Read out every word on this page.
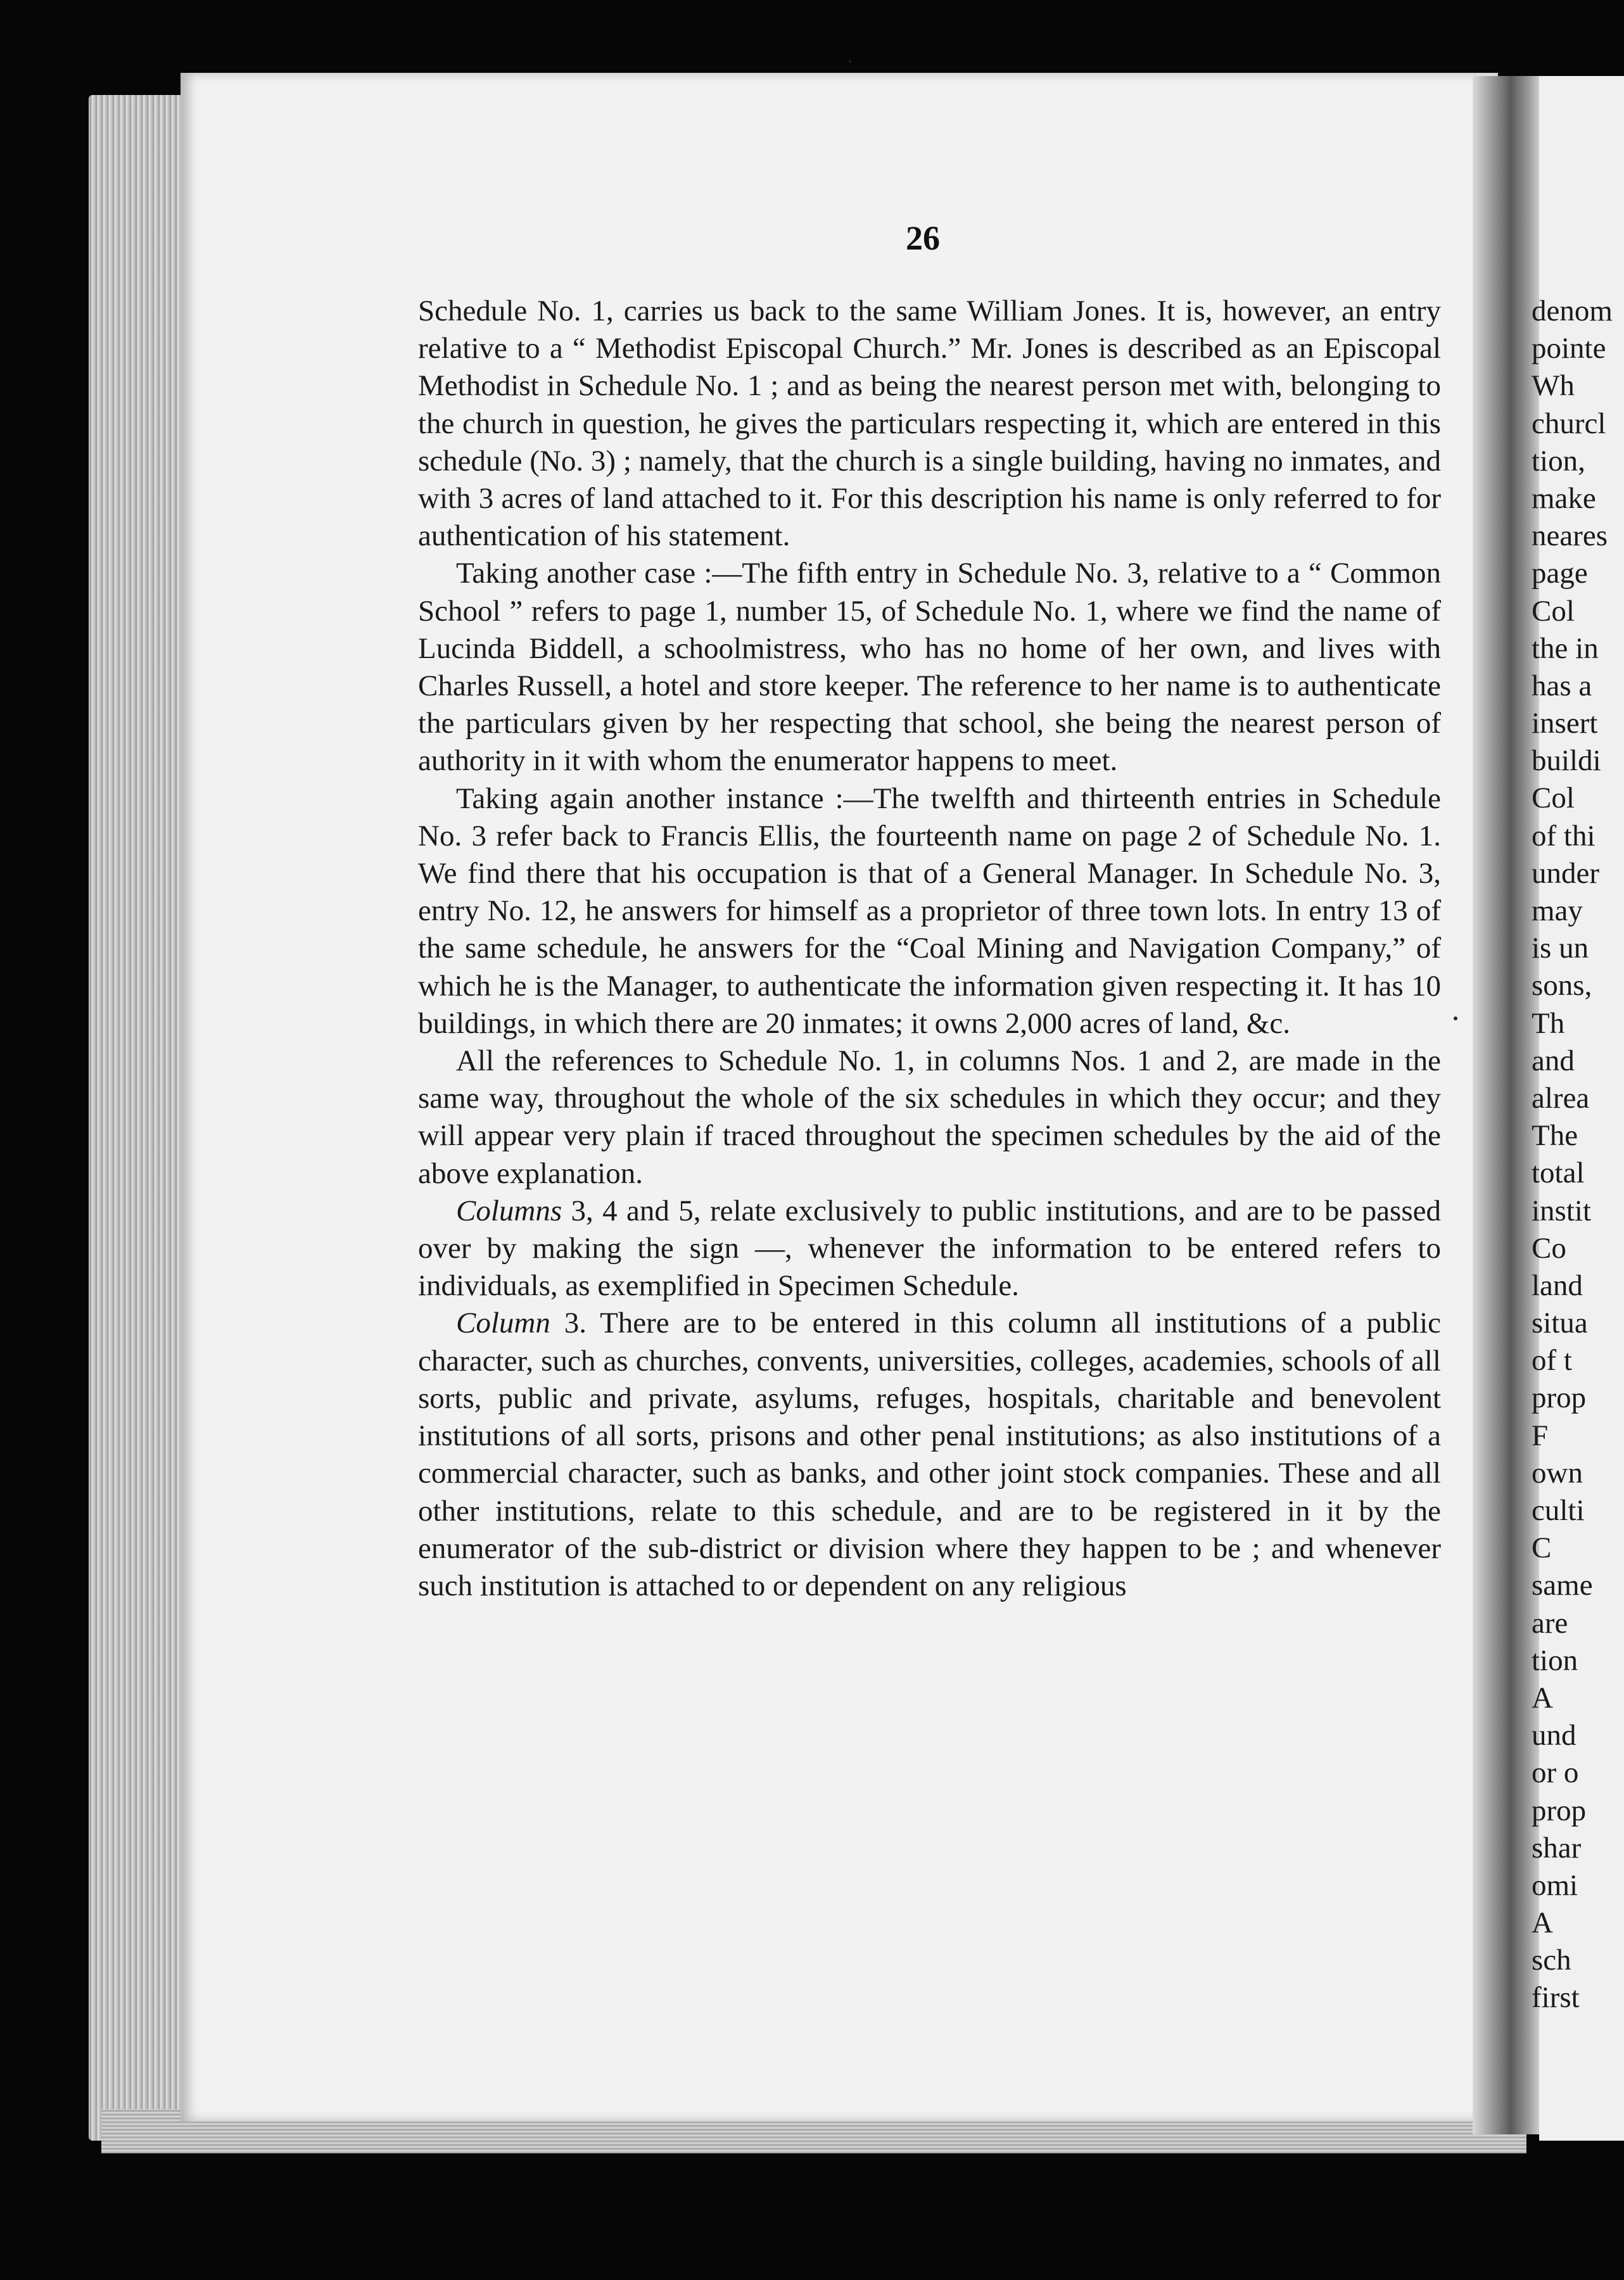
26

Schedule No. 1, carries us back to the same William Jones. It is, however, an entry relative to a “ Methodist Episcopal Church.” Mr. Jones is described as an Episcopal Methodist in Schedule No. 1 ; and as being the nearest person met with, belonging to the church in question, he gives the particulars respecting it, which are entered in this schedule (No. 3) ; namely, that the church is a single building, having no inmates, and with 3 acres of land attached to it. For this description his name is only referred to for authentication of his statement.

Taking another case :—The fifth entry in Schedule No. 3, relative to a “ Common School ” refers to page 1, number 15, of Schedule No. 1, where we find the name of Lucinda Biddell, a schoolmistress, who has no home of her own, and lives with Charles Russell, a hotel and store keeper. The reference to her name is to authenticate the particulars given by her respecting that school, she being the nearest person of authority in it with whom the enumerator happens to meet.

Taking again another instance :—The twelfth and thirteenth entries in Schedule No. 3 refer back to Francis Ellis, the fourteenth name on page 2 of Schedule No. 1. We find there that his occupation is that of a General Manager. In Schedule No. 3, entry No. 12, he answers for himself as a proprietor of three town lots. In entry 13 of the same schedule, he answers for the “Coal Mining and Navigation Company,” of which he is the Manager, to authenticate the information given respecting it. It has 10 buildings, in which there are 20 inmates; it owns 2,000 acres of land, &c.

All the references to Schedule No. 1, in columns Nos. 1 and 2, are made in the same way, throughout the whole of the six schedules in which they occur; and they will appear very plain if traced throughout the specimen schedules by the aid of the above explanation.

Columns 3, 4 and 5, relate exclusively to public institutions, and are to be passed over by making the sign —, whenever the information to be entered refers to individuals, as exemplified in Specimen Schedule.

Column 3. There are to be entered in this column all institutions of a public character, such as churches, convents, universities, colleges, academies, schools of all sorts, public and private, asylums, refuges, hospitals, charitable and benevolent institutions of all sorts, prisons and other penal institutions; as also institutions of a commercial character, such as banks, and other joint stock companies. These and all other institutions, relate to this schedule, and are to be registered in it by the enumerator of the sub-district or division where they happen to be ; and whenever such institution is attached to or dependent on any religious

denom
pointe
Wh
churcl
tion,
make
neares
page
Col
the in
has a
insert
buildi
Col
of thi
under
may
is un
sons,
Th
and
alrea
The
total
instit
Co
land
situa
of t
prop
F
own
culti
C
same
are
tion
A
und
or o
prop
shar
omi
A
sch
first
